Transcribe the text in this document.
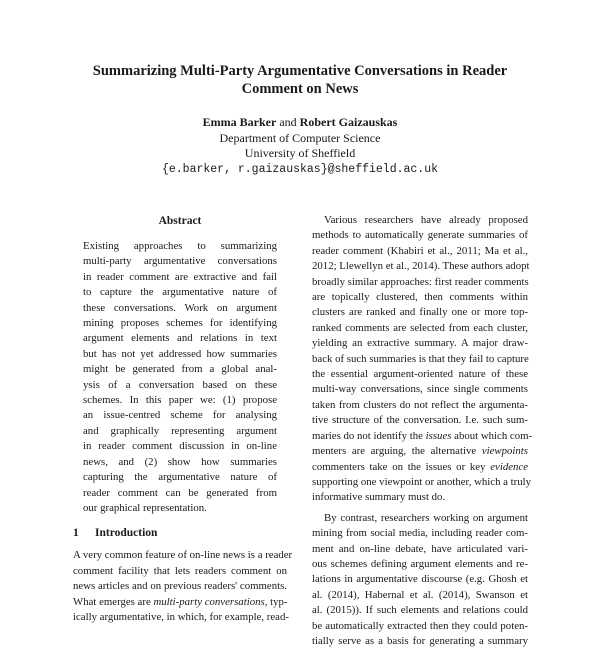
Summarizing Multi-Party Argumentative Conversations in Reader
Comment on News
Emma Barker and Robert Gaizauskas
Department of Computer Science
University of Sheffield
{e.barker, r.gaizauskas}@sheffield.ac.uk
Abstract
Existing approaches to summarizing
multi-party argumentative conversations
in reader comment are extractive and fail
to capture the argumentative nature of
these conversations. Work on argument
mining proposes schemes for identifying
argument elements and relations in text
but has not yet addressed how summaries
might be generated from a global anal-
ysis of a conversation based on these
schemes. In this paper we: (1) propose
an issue-centred scheme for analysing
and graphically representing argument
in reader comment discussion in on-line
news, and (2) show how summaries
capturing the argumentative nature of
reader comment can be generated from
our graphical representation.
1 Introduction
A very common feature of on-line news is a reader
comment facility that lets readers comment on
news articles and on previous readers' comments.
What emerges are multi-party conversations, typ-
ically argumentative, in which, for example, read-
Various researchers have already proposed
methods to automatically generate summaries of
reader comment (Khabiri et al., 2011; Ma et al.,
2012; Llewellyn et al., 2014). These authors adopt
broadly similar approaches: first reader comments
are topically clustered, then comments within
clusters are ranked and finally one or more top-
ranked comments are selected from each cluster,
yielding an extractive summary. A major draw-
back of such summaries is that they fail to capture
the essential argument-oriented nature of these
multi-way conversations, since single comments
taken from clusters do not reflect the argumenta-
tive structure of the conversation. I.e. such sum-
maries do not identify the issues about which com-
menters are arguing, the alternative viewpoints
commenters take on the issues or key evidence
supporting one viewpoint or another, which a truly
informative summary must do.
By contrast, researchers working on argument
mining from social media, including reader com-
ment and on-line debate, have articulated vari-
ous schemes defining argument elements and re-
lations in argumentative discourse (e.g. Ghosh et
al. (2014), Habernal et al. (2014), Swanson et
al. (2015)). If such elements and relations could
be automatically extracted then they could poten-
tially serve as a basis for generating a summary
